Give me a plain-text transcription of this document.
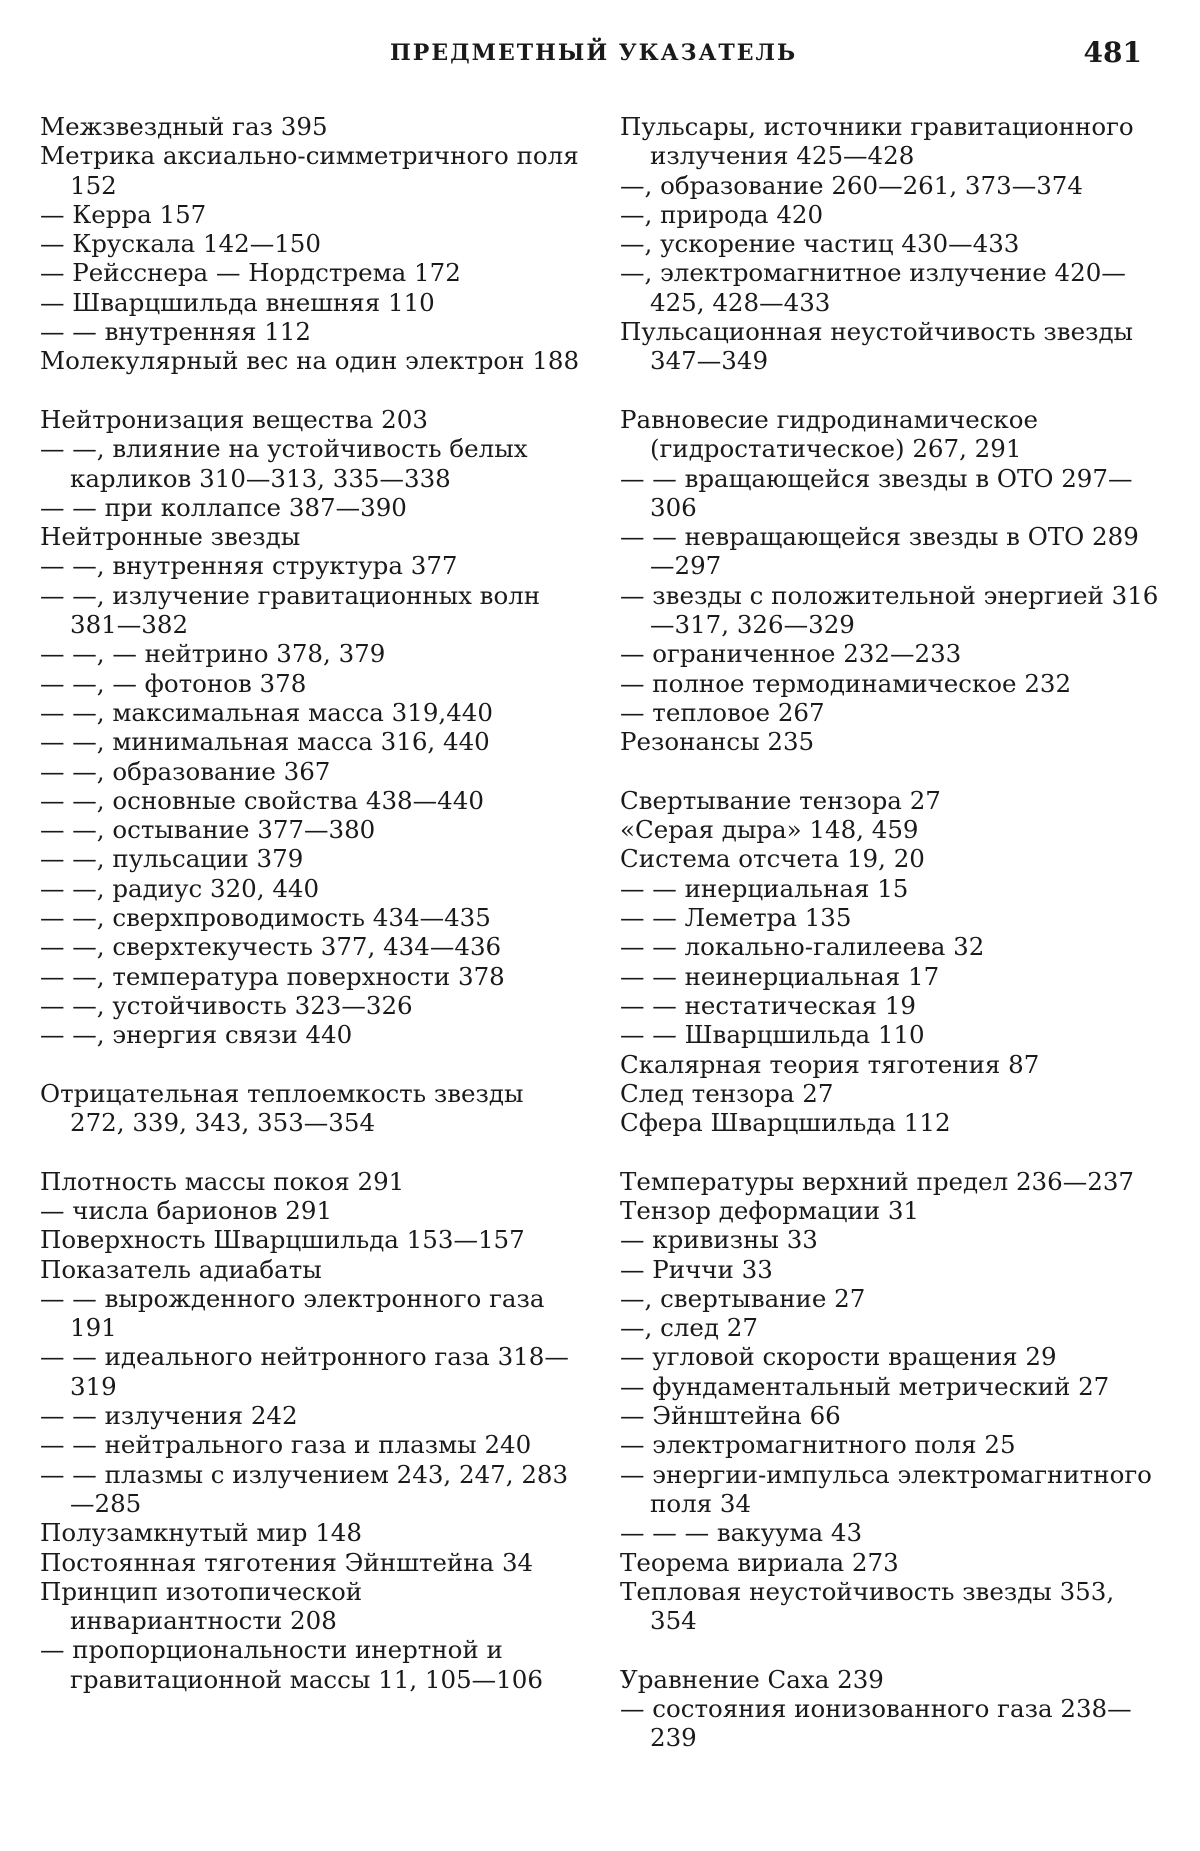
ПРЕДМЕТНЫЙ УКАЗАТЕЛЬ	481

Межзвездный газ 395

Метрика аксиально-симметричного поля 152

— Керра 157

— Крускала 142—150

— Рейсснера — Нордстрема 172

— Шварцшильда внешняя 110

— — внутренняя 112

Молекулярный вес на один электрон 188

Нейтронизация вещества 203

— —, влияние на устойчивость белых карликов 310—313, 335—338

— — при коллапсе 387—390

Нейтронные звезды

— —, внутренняя структура 377

— —, излучение гравитационных волн 381—382

— —, — нейтрино 378, 379

— —, — фотонов 378

— —, максимальная масса 319,440

— —, минимальная масса 316, 440

— —, образование 367

— —, основные свойства 438—440

— —, остывание 377—380

— —, пульсации 379

— —, радиус 320, 440

— —, сверхпроводимость 434—435

— —, сверхтекучесть 377, 434—436

— —, температура поверхности 378

— —, устойчивость 323—326

— —, энергия связи 440

Отрицательная теплоемкость звезды 272, 339, 343, 353—354

Плотность массы покоя 291

— числа барионов 291

Поверхность Шварцшильда 153—157

Показатель адиабаты

— — вырожденного электронного газа 191

— — идеального нейтронного газа 318—319

— — излучения 242

— — нейтрального газа и плазмы 240

— — плазмы с излучением 243, 247, 283—285

Полузамкнутый мир 148

Постоянная тяготения Эйнштейна 34

Принцип изотопической инвариантности 208

— пропорциональности инертной и гравитационной массы 11, 105—106

Пульсары, источники гравитационного излучения 425—428

—, образование 260—261, 373—374

—, природа 420

—, ускорение частиц 430—433

—, электромагнитное излучение 420—425, 428—433

Пульсационная неустойчивость звезды 347—349

Равновесие гидродинамическое (гидростатическое) 267, 291

— — вращающейся звезды в ОТО 297—306

— — невращающейся звезды в ОТО 289—297

— звезды с положительной энергией 316—317, 326—329

— ограниченное 232—233

— полное термодинамическое 232

— тепловое 267

Резонансы 235

Свертывание тензора 27

«Серая дыра» 148, 459

Система отсчета 19, 20

— — инерциальная 15

— — Леметра 135

— — локально-галилеева 32

— — неинерциальная 17

— — нестатическая 19

— — Шварцшильда 110

Скалярная теория тяготения 87

След тензора 27

Сфера Шварцшильда 112

Температуры верхний предел 236—237

Тензор деформации 31

— кривизны 33

— Риччи 33

—, свертывание 27

—, след 27

— угловой скорости вращения 29

— фундаментальный метрический 27

— Эйнштейна 66

— электромагнитного поля 25

— энергии-импульса электромагнитного поля 34

— — — вакуума 43

Теорема вириала 273

Тепловая неустойчивость звезды 353, 354

Уравнение Саха 239

— состояния ионизованного газа 238—239
